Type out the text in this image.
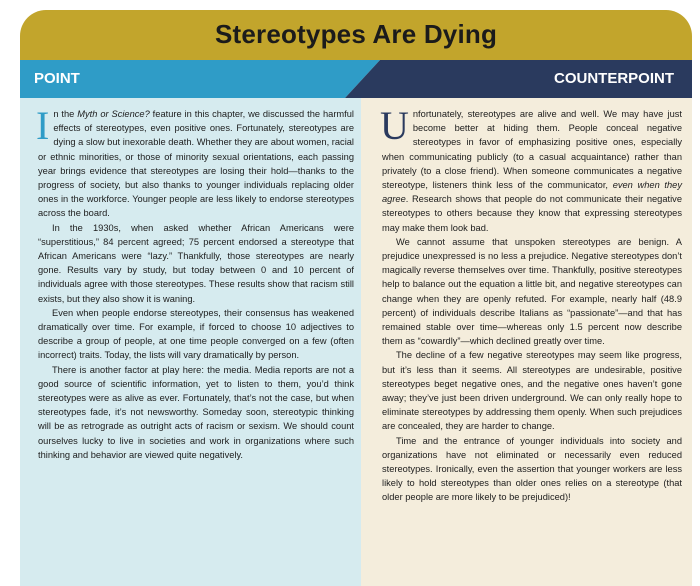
Stereotypes Are Dying
POINT	COUNTERPOINT

In the Myth or Science? feature in this chapter, we discussed the harmful effects of stereotypes, even positive ones. Fortunately, stereotypes are dying a slow but inexorable death. Whether they are about women, racial or ethnic minorities, or those of minority sexual orientations, each passing year brings evidence that stereotypes are losing their hold—thanks to the progress of society, but also thanks to younger individuals replacing older ones in the workforce. Younger people are less likely to endorse stereotypes across the board.

In the 1930s, when asked whether African Americans were “superstitious,” 84 percent agreed; 75 percent endorsed a stereotype that African Americans were “lazy.” Thankfully, those stereotypes are nearly gone. Results vary by study, but today between 0 and 10 percent of individuals agree with those stereotypes. These results show that racism still exists, but they also show it is waning.

Even when people endorse stereotypes, their consensus has weakened dramatically over time. For example, if forced to choose 10 adjectives to describe a group of people, at one time people converged on a few (often incorrect) traits. Today, the lists will vary dramatically by person.

There is another factor at play here: the media. Media reports are not a good source of scientific information, yet to listen to them, you’d think stereotypes were as alive as ever. Fortunately, that’s not the case, but when stereotypes fade, it’s not newsworthy. Someday soon, stereotypic thinking will be as retrograde as outright acts of racism or sexism. We should count ourselves lucky to live in societies and work in organizations where such thinking and behavior are viewed quite negatively.

Unfortunately, stereotypes are alive and well. We may have just become better at hiding them. People conceal negative stereotypes in favor of emphasizing positive ones, especially when communicating publicly (to a casual acquaintance) rather than privately (to a close friend). When someone communicates a negative stereotype, listeners think less of the communicator, even when they agree. Research shows that people do not communicate their negative stereotypes to others because they know that expressing stereotypes may make them look bad.

We cannot assume that unspoken stereotypes are benign. A prejudice unexpressed is no less a prejudice. Negative stereotypes don’t magically reverse themselves over time. Thankfully, positive stereotypes help to balance out the equation a little bit, and negative stereotypes can change when they are openly refuted. For example, nearly half (48.9 percent) of individuals describe Italians as “passionate”—and that has remained stable over time—whereas only 1.5 percent now describe them as “cowardly”—which declined greatly over time.

The decline of a few negative stereotypes may seem like progress, but it’s less than it seems. All stereotypes are undesirable, positive stereotypes beget negative ones, and the negative ones haven’t gone away; they’ve just been driven underground. We can only really hope to eliminate stereotypes by addressing them openly. When such prejudices are concealed, they are harder to change.

Time and the entrance of younger individuals into society and organizations have not eliminated or necessarily even reduced stereotypes. Ironically, even the assertion that younger workers are less likely to hold stereotypes than older ones relies on a stereotype (that older people are more likely to be prejudiced)!
